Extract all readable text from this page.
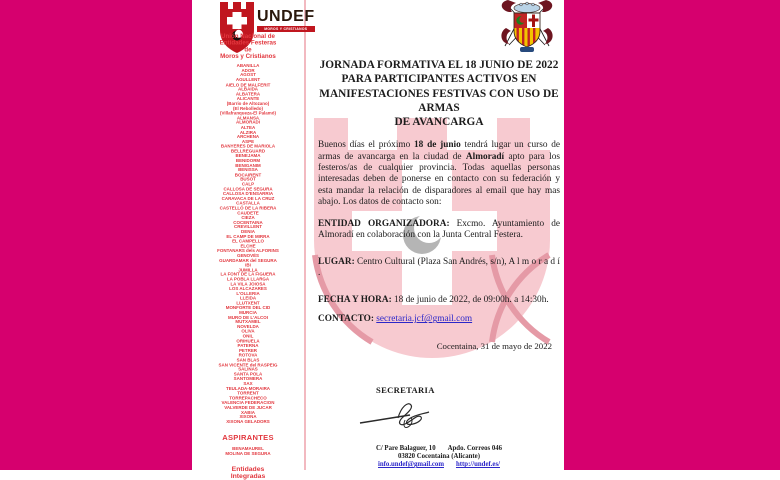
UNDEF
MOROS Y CRISTIANOS
Unión Nacional de
Entidades Festeras
de
Moros y Cristianos
ABANILLA
ADOR
AGOST
AGULLENT
AIELO DE MALFERIT
ALBAIDA
ALBATERA
ALICANTE
(Barrio de Altozano)
(El Rebolledo)
(Villafranqueza-El Palamó)
ALMANSA
ALMORADÍ
ALTEA
ALZIRA
ARCHENA
ASPE
BANYERES DE MARIOLA
BELLREGUARD
BENEJAMA
BENIDORM
BENIGANIM
BENISSA
BOCAIRENT
BUSOT
CALP
CALLOSA DE SEGURA
CALLOSA D'ENSARRIA
CARAVACA DE LA CRUZ
CASTALLA
CASTELLÓ DE LA RIBERA
CAUDETE
CIEZA
COCENTAINA
CREVILLENT
DENIA
EL CAMP DE MIRRA
EL CAMPELLO
ELCHE
FONTANARS dels ALFORINS
GENOVÉS
GUARDAMAR del SEGURA
IBI
JUMILLA
LA FONT DE LA FIGUERA
LA POBLA LLARGA
LA VILA JOIOSA
LOS ALCAZARES
L'OLLERIA
LLEIDA
LLUTXENT
MONFORTE DEL CID
MURCIA
MURO DE L'ALCOI
MUTXAMEL
NOVELDA
OLIVA
ONIL
ORIHUELA
PATERNA
PETRER
ROTOVA
SAN BLAS
SAN VICENTE del RASPEIG
SALINAS
SANTA POLA
SANTOMERA
SAX
TEULADA-MORAIRA
TORRENT
TORREPACHECO
VALENCIA FEDERACION
VALVERDE DE JUCAR
XABIA
XIXONA
XIXONA GELADORS
ASPIRANTES
BENAMAUREL
MOLINA DE SEGURA
Entidades
Integradas
JORNADA FORMATIVA EL 18 JUNIO DE 2022
PARA PARTICIPANTES ACTIVOS EN
MANIFESTACIONES FESTIVAS CON USO DE ARMAS
DE AVANCARGA

Buenos días el próximo 18 de junio tendrá lugar un curso de armas de avancarga en la ciudad de Almoradí apto para los festeros/as de cualquier provincia. Todas aquellas personas interesadas deben de ponerse en contacto con su federación y esta mandar la relación de disparadores al email que hay mas abajo. Los datos de contacto son:

ENTIDAD ORGANIZADORA: Excmo. Ayuntamiento de Almoradí en colaboración con la Junta Central Festera.
LUGAR: Centro Cultural (Plaza San Andrés, s/n), A l m o r a d í .
FECHA Y HORA: 18 de junio de 2022, de 09:00h. a 14:30h.
CONTACTO: secretaria.jcf@gmail.com
Cocentaina, 31 de mayo de 2022
SECRETARIA
C/ Pare Balaguer, 10 Apdo. Correos 046
03820 Cocentaina (Alicante)
info.undef@gmail.com http://undef.es/
